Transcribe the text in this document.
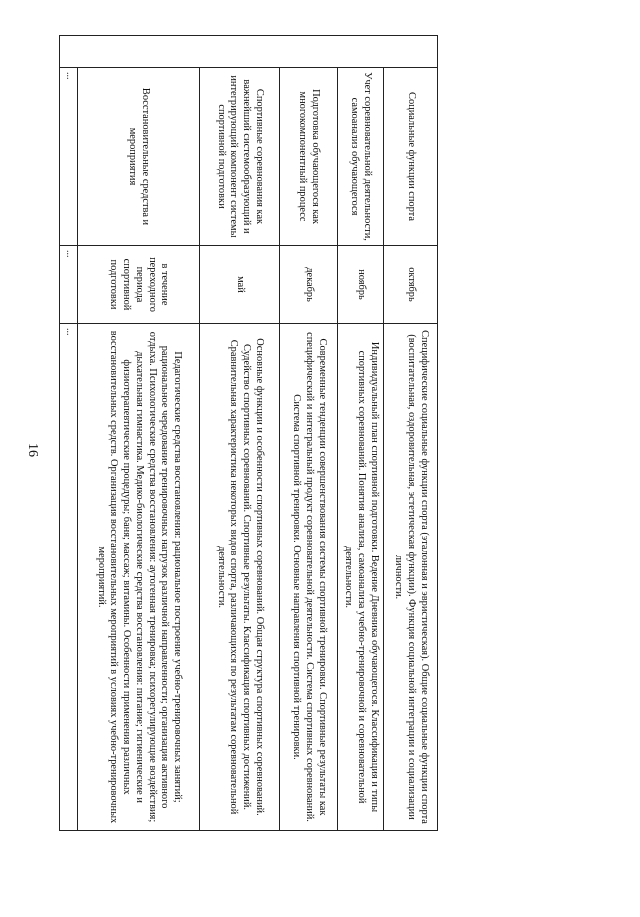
16
	Социальные функции спорта	октябрь	Специфические социальные функции спорта (эталонная и эвристическая). Общие социальные функции спорта (воспитательная, оздоровительная, эстетическая функции). Функция социальной интеграции и социализации личности.
	Учет соревновательной деятельности, самоанализ обучающегося	ноябрь	Индивидуальный план спортивной подготовки. Ведение Дневника обучающегося. Классификация и типы спортивных соревнований. Понятия анализа, самоанализа учебно-тренировочной и соревновательной деятельности.
	Подготовка обучающегося как многокомпонентный процесс	декабрь	Современные тенденции совершенствования системы спортивной тренировки. Спортивные результаты как специфический и интегральный продукт соревновательной деятельности. Система спортивных соревнований. Система спортивной тренировки. Основные направления спортивной тренировки.
	Спортивные соревнования как важнейший системообразующий и интегрирующий компонент системы спортивной подготовки	май	Основные функции и особенности спортивных соревнований. Общая структура спортивных соревнований. Судейство спортивных соревнований. Спортивные результаты. Классификация спортивных достижений. Сравнительная характеристика некоторых видов спорта, различающихся по результатам соревновательной деятельности.
	Восстановительные средства и мероприятия	в течение переходного периода спортивной подготовки	Педагогические средства восстановления: рациональное построение учебно-тренировочных занятий; рациональное чередование тренировочных нагрузок различной направленности; организация активного отдыха. Психологические средства восстановления: аутогенная тренировка; психорегулирующие воздействия; дыхательная гимнастика. Медико-биологические средства восстановления: питание; гигиенические и физиотерапевтические процедуры; баня; массаж; витамины. Особенности применения различных восстановительных средств. Организация восстановительных мероприятий в условиях учебно-тренировочных мероприятий.
	...	...	...
